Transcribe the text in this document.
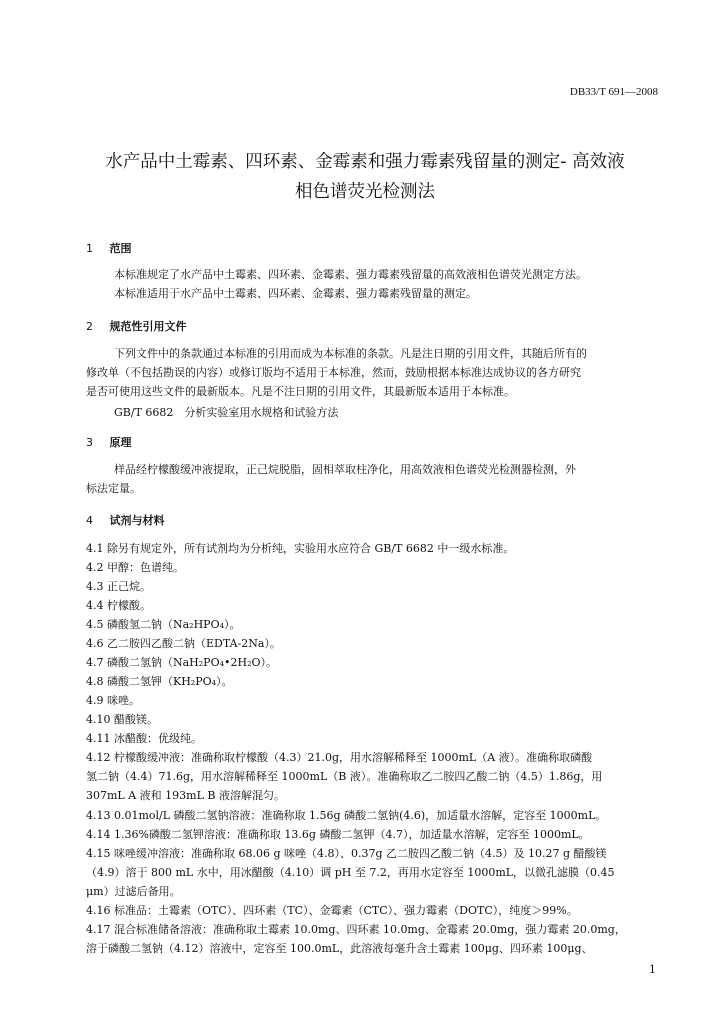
DB33/T 691—2008
水产品中土霉素、四环素、金霉素和强力霉素残留量的测定- 高效液
相色谱荧光检测法
1 范围
本标准规定了水产品中土霉素、四环素、金霉素、强力霉素残留量的高效液相色谱荧光测定方法。
本标准适用于水产品中土霉素、四环素、金霉素、强力霉素残留量的测定。
2 规范性引用文件
下列文件中的条款通过本标准的引用而成为本标准的条款。凡是注日期的引用文件，其随后所有的
修改单（不包括勘误的内容）或修订版均不适用于本标准，然而，鼓励根据本标准达成协议的各方研究
是否可使用这些文件的最新版本。凡是不注日期的引用文件，其最新版本适用于本标准。
GB/T 6682　分析实验室用水规格和试验方法
3 原理
样品经柠檬酸缓冲液提取，正己烷脱脂，固相萃取柱净化，用高效液相色谱荧光检测器检测，外
标法定量。
4 试剂与材料
4.1 除另有规定外，所有试剂均为分析纯，实验用水应符合 GB/T 6682 中一级水标准。
4.2 甲醇：色谱纯。
4.3 正己烷。
4.4 柠檬酸。
4.5 磷酸氢二钠（Na₂HPO₄）。
4.6 乙二胺四乙酸二钠（EDTA-2Na）。
4.7 磷酸二氢钠（NaH₂PO₄•2H₂O）。
4.8 磷酸二氢钾（KH₂PO₄）。
4.9 咪唑。
4.10 醋酸镁。
4.11 冰醋酸：优级纯。
4.12 柠檬酸缓冲液：准确称取柠檬酸（4.3）21.0g，用水溶解稀释至 1000mL（A 液）。准确称取磷酸
氢二钠（4.4）71.6g，用水溶解稀释至 1000mL（B 液）。准确称取乙二胺四乙酸二钠（4.5）1.86g，用
307mL A 液和 193mL B 液溶解混匀。
4.13 0.01mol/L 磷酸二氢钠溶液：准确称取 1.56g 磷酸二氢钠(4.6)，加适量水溶解，定容至 1000mL。
4.14 1.36%磷酸二氢钾溶液：准确称取 13.6g 磷酸二氢钾（4.7），加适量水溶解，定容至 1000mL。
4.15 咪唑缓冲溶液：准确称取 68.06 g 咪唑（4.8）、0.37g 乙二胺四乙酸二钠（4.5）及 10.27 g 醋酸镁
（4.9）溶于 800 mL 水中，用冰醋酸（4.10）调 pH 至 7.2，再用水定容至 1000mL，以微孔滤膜（0.45
μm）过滤后备用。
4.16 标准品：土霉素（OTC）、四环素（TC）、金霉素（CTC）、强力霉素（DOTC），纯度＞99%。
4.17 混合标准储备溶液：准确称取土霉素 10.0mg、四环素 10.0mg、金霉素 20.0mg，强力霉素 20.0mg，
溶于磷酸二氢钠（4.12）溶液中，定容至 100.0mL，此溶液每毫升含土霉素 100μg、四环素 100μg、
1
